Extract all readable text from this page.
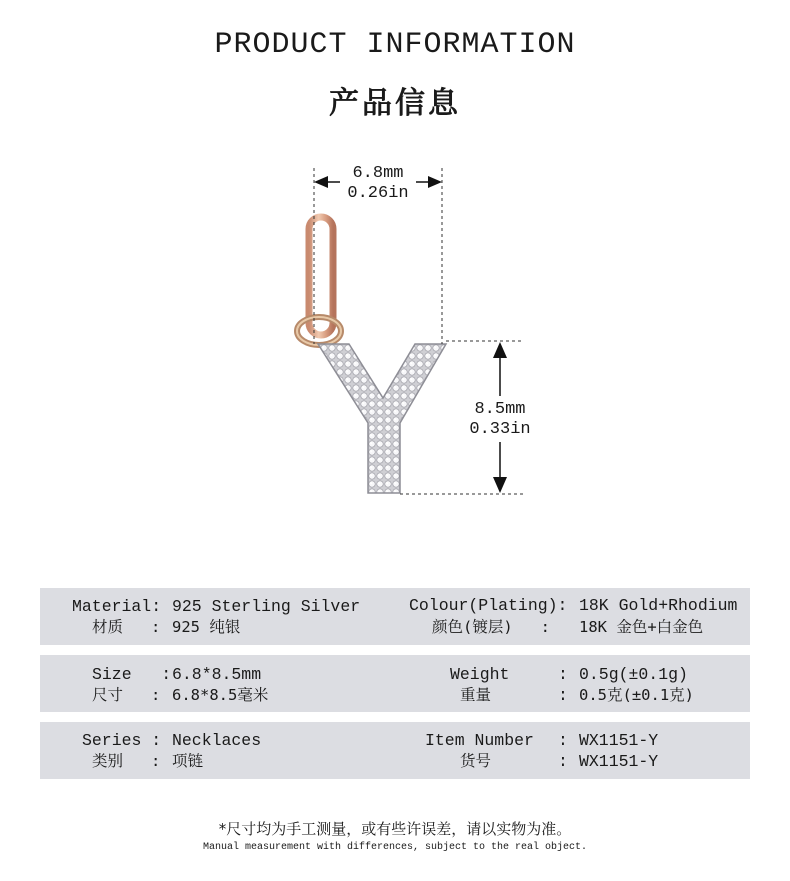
PRODUCT INFORMATION
产品信息
6.8mm
0.26in
8.5mm
0.33in
Material: 925 Sterling Silver
材质   : 925 纯银
Colour(Plating): 18K Gold+Rhodium
颜色(镀层)   : 18K 金色+白金色
Size   : 6.8*8.5mm
尺寸   : 6.8*8.5毫米
Weight	: 0.5g(±0.1g)
重量	: 0.5克(±0.1克)
Series : Necklaces
类别   : 项链
Item Number : WX1151-Y
货号	: WX1151-Y
*尺寸均为手工测量，或有些许误差，请以实物为准。
Manual measurement with differences, subject to the real object.
